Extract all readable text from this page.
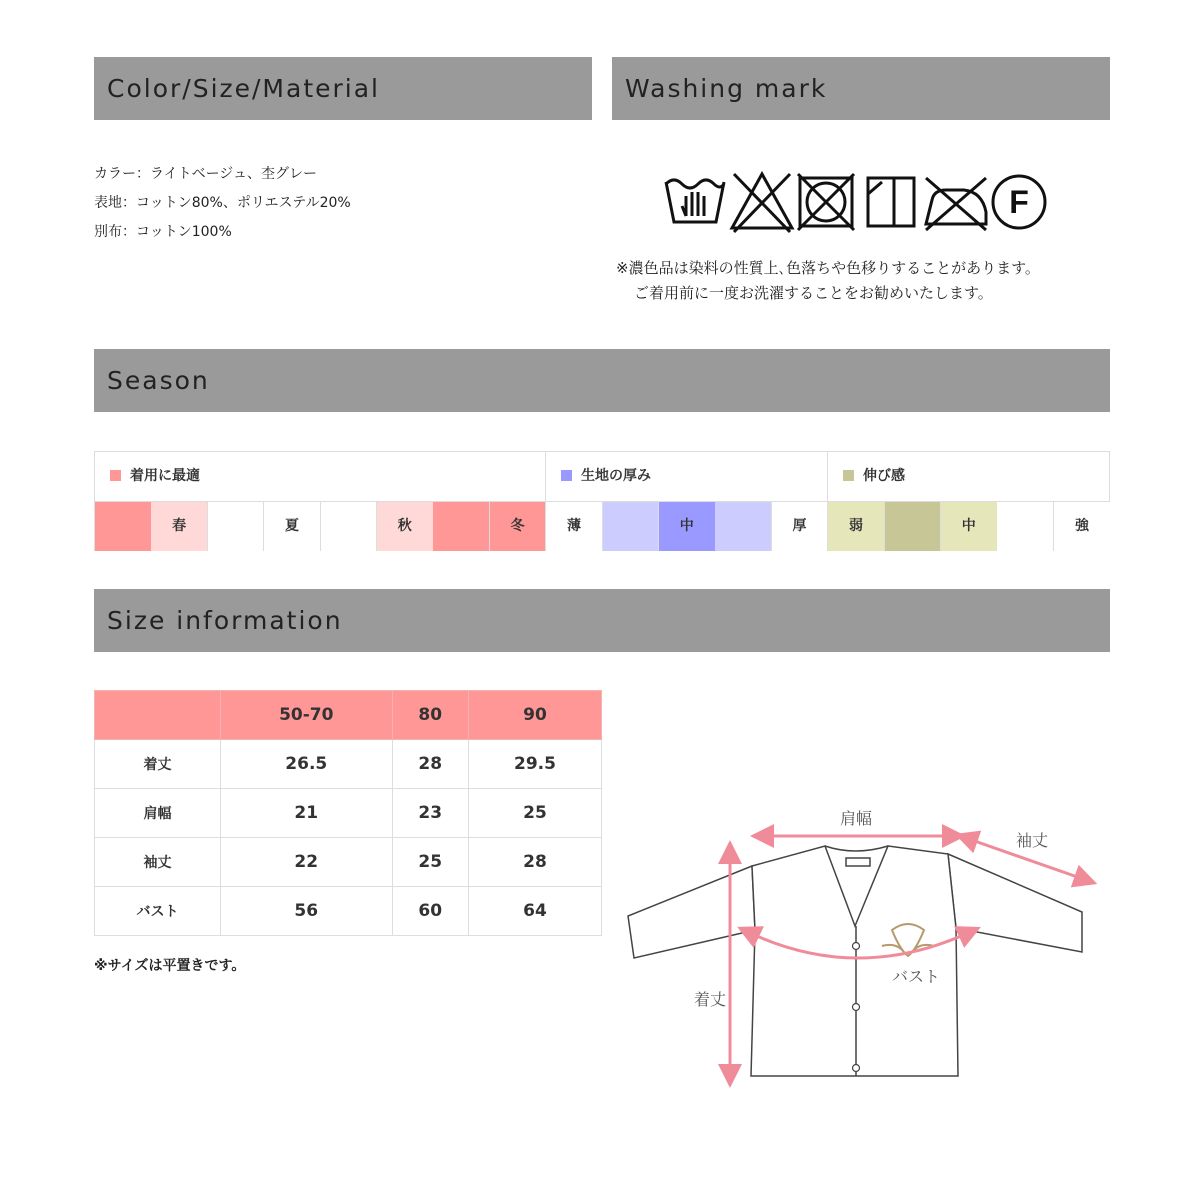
Color/Size/Material	Washing mark
カラー：ライトベージュ、杢グレー
表地：コットン80%、ポリエステル20%
別布：コットン100%
F
※濃色品は染料の性質上､色落ちや色移りすることがあります。
ご着用前に一度お洗濯することをお勧めいたします。
Season
着用に最適	生地の厚み	伸び感
春	夏	秋	冬	薄	中	厚	弱	中	強
Size information
	50-70	80	90
着丈	26.5	28	29.5
肩幅	21	23	25
袖丈	22	25	28
バスト	56	60	64
※サイズは平置きです。
肩幅
袖丈
バスト
着丈
